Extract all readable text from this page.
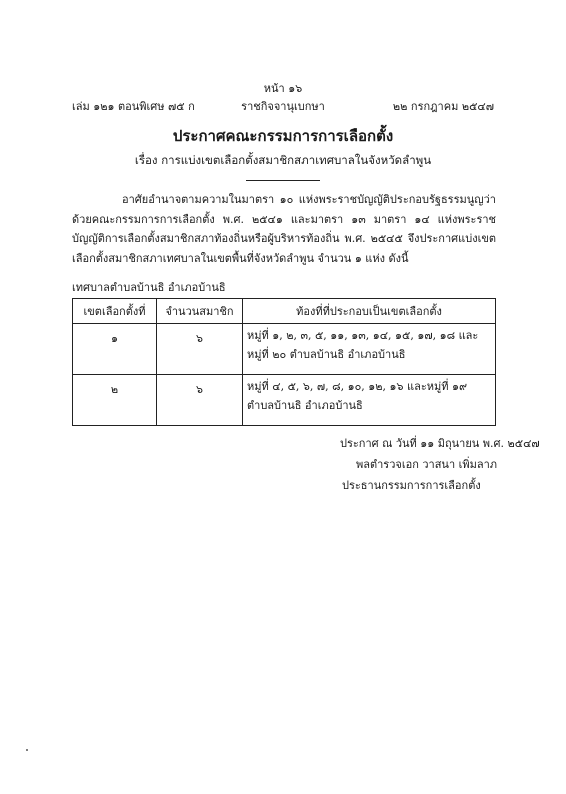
หน้า ๑๖
เล่ม ๑๒๑ ตอนพิเศษ ๗๕ ก	ราชกิจจานุเบกษา	๒๒ กรกฎาคม ๒๕๔๗
ประกาศคณะกรรมการการเลือกตั้ง
เรื่อง การแบ่งเขตเลือกตั้งสมาชิกสภาเทศบาลในจังหวัดลำพูน
อาศัยอำนาจตามความในมาตรา ๑๐ แห่งพระราชบัญญัติประกอบรัฐธรรมนูญว่าด้วยคณะกรรมการการเลือกตั้ง พ.ศ. ๒๕๔๑ และมาตรา ๑๓ มาตรา ๑๔ แห่งพระราชบัญญัติการเลือกตั้งสมาชิกสภาท้องถิ่นหรือผู้บริหารท้องถิ่น พ.ศ. ๒๕๔๕ จึงประกาศแบ่งเขตเลือกตั้งสมาชิกสภาเทศบาลในเขตพื้นที่จังหวัดลำพูน จำนวน ๑ แห่ง ดังนี้
เทศบาลตำบลบ้านธิ อำเภอบ้านธิ
เขตเลือกตั้งที่	จำนวนสมาชิก	ท้องที่ที่ประกอบเป็นเขตเลือกตั้ง
๑	๖	หมู่ที่ ๑, ๒, ๓, ๕, ๑๑, ๑๓, ๑๔, ๑๕, ๑๗, ๑๘ และ
หมู่ที่ ๒๐ ตำบลบ้านธิ อำเภอบ้านธิ

๒	๖	หมู่ที่ ๔, ๕, ๖, ๗, ๘, ๑๐, ๑๒, ๑๖ และหมู่ที่ ๑๙
ตำบลบ้านธิ อำเภอบ้านธิ
ประกาศ ณ วันที่ ๑๑ มิถุนายน พ.ศ. ๒๕๔๗
พลตำรวจเอก วาสนา เพิ่มลาภ
ประธานกรรมการการเลือกตั้ง
